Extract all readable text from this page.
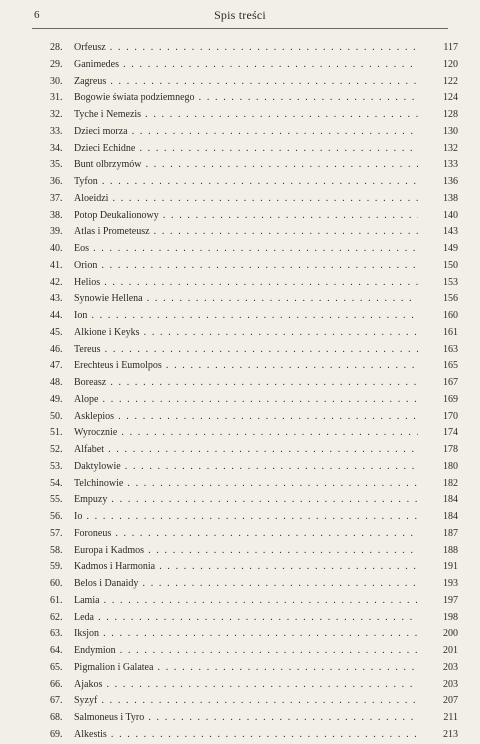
6	Spis treści
28.	Orfeusz . .	117
29.	Ganimedes . .	120
30.	Zagreus . .	122
31.	Bogowie świata podziemnego . .	124
32.	Tyche i Nemezis . .	128
33.	Dzieci morza . .	130
34.	Dzieci Echidne . .	132
35.	Bunt olbrzymów . .	133
36.	Tyfon . .	136
37.	Aloeidzi . .	138
38.	Potop Deukalionowy . .	140
39.	Atlas i Prometeusz . .	143
40.	Eos . .	149
41.	Orion . .	150
42.	Helios . .	153
43.	Synowie Hellena . .	156
44.	Ion . .	160
45.	Alkione i Keyks . .	161
46.	Tereus . .	163
47.	Erechteus i Eumolpos . .	165
48.	Boreasz . .	167
49.	Alope . .	169
50.	Asklepios . .	170
51.	Wyrocznie . .	174
52.	Alfabet . .	178
53.	Daktylowie . .	180
54.	Telchinowie . .	182
55.	Empuzy . .	184
56.	Io . .	184
57.	Foroneus . .	187
58.	Europa i Kadmos . .	188
59.	Kadmos i Harmonia . .	191
60.	Belos i Danaidy . .	193
61.	Lamia . .	197
62.	Leda . .	198
63.	Iksjon . .	200
64.	Endymion . .	201
65.	Pigmalion i Galatea . .	203
66.	Ajakos . .	203
67.	Syzyf . .	207
68.	Salmoneus i Tyro . .	211
69.	Alkestis . .	213
